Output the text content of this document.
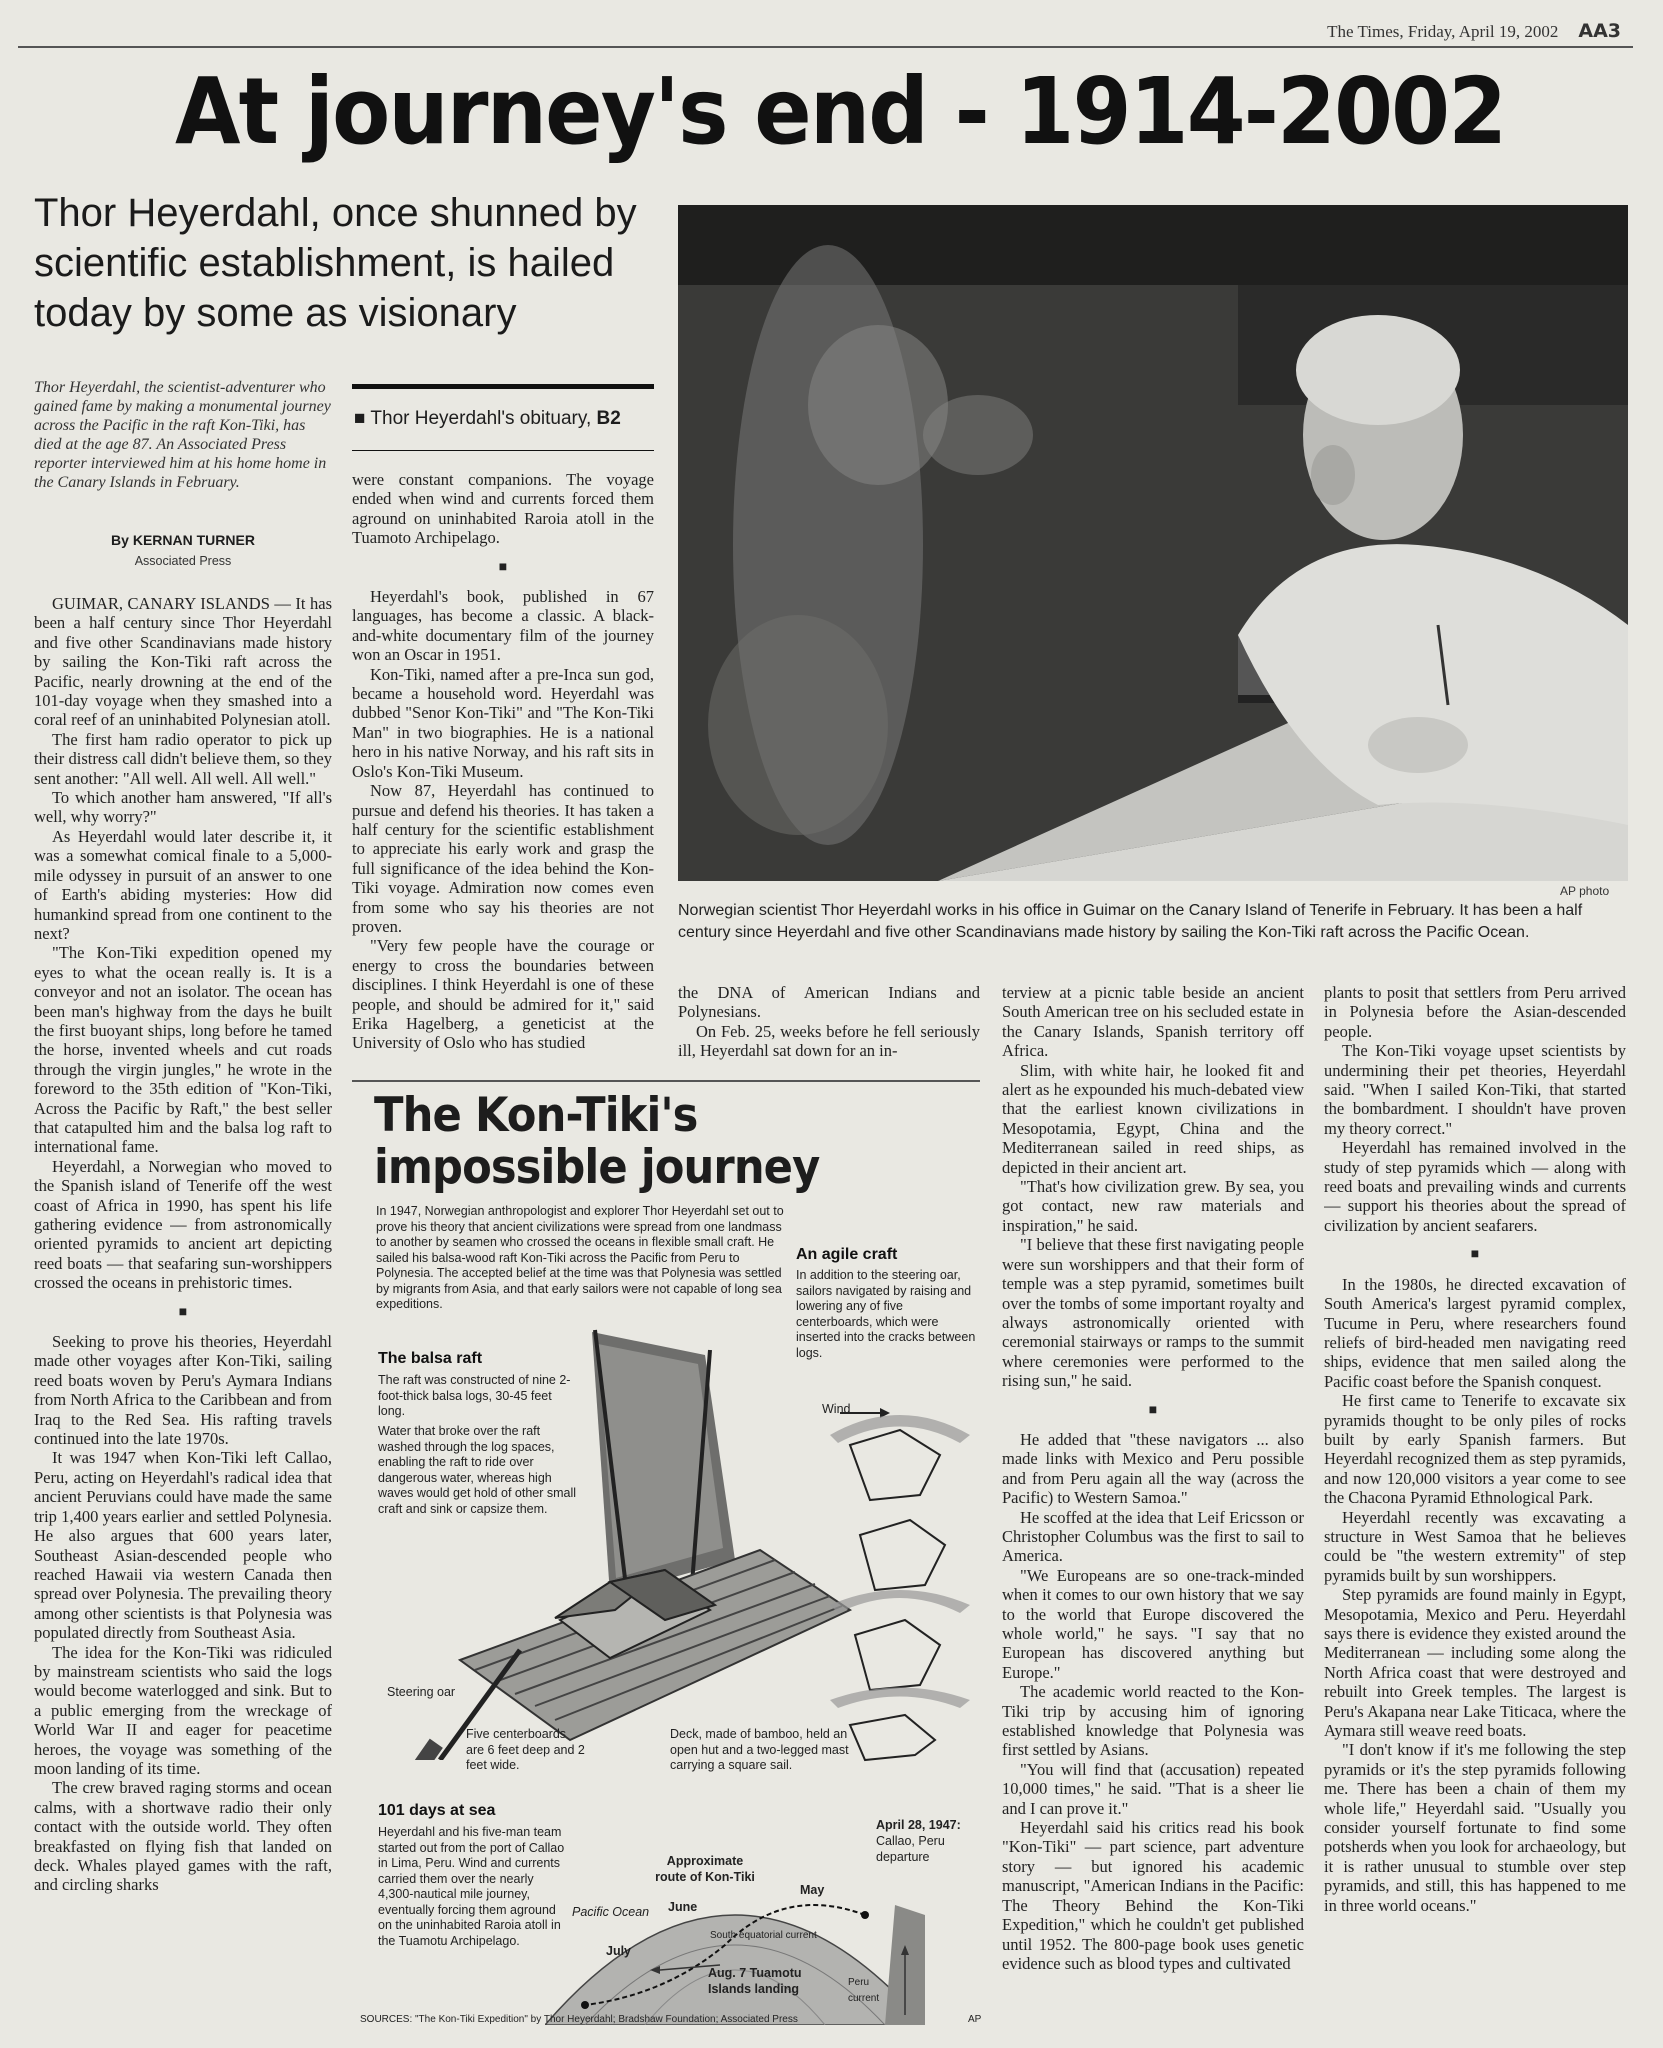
The Times, Friday, April 19, 2002 AA3
At journey's end - 1914-2002
Thor Heyerdahl, once shunned by scientific establishment, is hailed today by some as visionary
Thor Heyerdahl, the scientist-adventurer who gained fame by making a monumental journey across the Pacific in the raft Kon-Tiki, has died at the age 87. An Associated Press reporter interviewed him at his home home in the Canary Islands in February.
By KERNAN TURNER
Associated Press

GUIMAR, CANARY ISLANDS — It has been a half century since Thor Heyerdahl and five other Scandinavians made history by sailing the Kon-Tiki raft across the Pacific, nearly drowning at the end of the 101-day voyage when they smashed into a coral reef of an uninhabited Polynesian atoll.

The first ham radio operator to pick up their distress call didn't believe them, so they sent another: "All well. All well. All well."

To which another ham answered, "If all's well, why worry?"

As Heyerdahl would later describe it, it was a somewhat comical finale to a 5,000-mile odyssey in pursuit of an answer to one of Earth's abiding mysteries: How did humankind spread from one continent to the next?

"The Kon-Tiki expedition opened my eyes to what the ocean really is. It is a conveyor and not an isolator. The ocean has been man's highway from the days he built the first buoyant ships, long before he tamed the horse, invented wheels and cut roads through the virgin jungles," he wrote in the foreword to the 35th edition of "Kon-Tiki, Across the Pacific by Raft," the best seller that catapulted him and the balsa log raft to international fame.

Heyerdahl, a Norwegian who moved to the Spanish island of Tenerife off the west coast of Africa in 1990, has spent his life gathering evidence — from astronomically oriented pyramids to ancient art depicting reed boats — that seafaring sun-worshippers crossed the oceans in prehistoric times.

■

Seeking to prove his theories, Heyerdahl made other voyages after Kon-Tiki, sailing reed boats woven by Peru's Aymara Indians from North Africa to the Caribbean and from Iraq to the Red Sea. His rafting travels continued into the late 1970s.

It was 1947 when Kon-Tiki left Callao, Peru, acting on Heyerdahl's radical idea that ancient Peruvians could have made the same trip 1,400 years earlier and settled Polynesia. He also argues that 600 years later, Southeast Asian-descended people who reached Hawaii via western Canada then spread over Polynesia. The prevailing theory among other scientists is that Polynesia was populated directly from Southeast Asia.

The idea for the Kon-Tiki was ridiculed by mainstream scientists who said the logs would become waterlogged and sink. But to a public emerging from the wreckage of World War II and eager for peacetime heroes, the voyage was something of the moon landing of its time.

The crew braved raging storms and ocean calms, with a shortwave radio their only contact with the outside world. They often breakfasted on flying fish that landed on deck. Whales played games with the raft, and circling sharks

■ Thor Heyerdahl's obituary, B2

were constant companions. The voyage ended when wind and currents forced them aground on uninhabited Raroia atoll in the Tuamoto Archipelago.

■

Heyerdahl's book, published in 67 languages, has become a classic. A black-and-white documentary film of the journey won an Oscar in 1951.

Kon-Tiki, named after a pre-Inca sun god, became a household word. Heyerdahl was dubbed "Senor Kon-Tiki" and "The Kon-Tiki Man" in two biographies. He is a national hero in his native Norway, and his raft sits in Oslo's Kon-Tiki Museum.

Now 87, Heyerdahl has continued to pursue and defend his theories. It has taken a half century for the scientific establishment to appreciate his early work and grasp the full significance of the idea behind the Kon-Tiki voyage. Admiration now comes even from some who say his theories are not proven.

"Very few people have the courage or energy to cross the boundaries between disciplines. I think Heyerdahl is one of these people, and should be admired for it," said Erika Hagelberg, a geneticist at the University of Oslo who has studied

AP photo
Norwegian scientist Thor Heyerdahl works in his office in Guimar on the Canary Island of Tenerife in February. It has been a half century since Heyerdahl and five other Scandinavians made history by sailing the Kon-Tiki raft across the Pacific Ocean.

the DNA of American Indians and Polynesians.

On Feb. 25, weeks before he fell seriously ill, Heyerdahl sat down for an in-

terview at a picnic table beside an ancient South American tree on his secluded estate in the Canary Islands, Spanish territory off Africa.

Slim, with white hair, he looked fit and alert as he expounded his much-debated view that the earliest known civilizations in Mesopotamia, Egypt, China and the Mediterranean sailed in reed ships, as depicted in their ancient art.

"That's how civilization grew. By sea, you got contact, new raw materials and inspiration," he said.

"I believe that these first navigating people were sun worshippers and that their form of temple was a step pyramid, sometimes built over the tombs of some important royalty and always astronomically oriented with ceremonial stairways or ramps to the summit where ceremonies were performed to the rising sun," he said.

■

He added that "these navigators ... also made links with Mexico and Peru possible and from Peru again all the way (across the Pacific) to Western Samoa."

He scoffed at the idea that Leif Ericsson or Christopher Columbus was the first to sail to America.

"We Europeans are so one-track-minded when it comes to our own history that we say to the world that Europe discovered the whole world," he says. "I say that no European has discovered anything but Europe."

The academic world reacted to the Kon-Tiki trip by accusing him of ignoring established knowledge that Polynesia was first settled by Asians.

"You will find that (accusation) repeated 10,000 times," he said. "That is a sheer lie and I can prove it."

Heyerdahl said his critics read his book "Kon-Tiki" — part science, part adventure story — but ignored his academic manuscript, "American Indians in the Pacific: The Theory Behind the Kon-Tiki Expedition," which he couldn't get published until 1952. The 800-page book uses genetic evidence such as blood types and cultivated

plants to posit that settlers from Peru arrived in Polynesia before the Asian-descended people.

The Kon-Tiki voyage upset scientists by undermining their pet theories, Heyerdahl said. "When I sailed Kon-Tiki, that started the bombardment. I shouldn't have proven my theory correct."

Heyerdahl has remained involved in the study of step pyramids which — along with reed boats and prevailing winds and currents — support his theories about the spread of civilization by ancient seafarers.

■

In the 1980s, he directed excavation of South America's largest pyramid complex, Tucume in Peru, where researchers found reliefs of bird-headed men navigating reed ships, evidence that men sailed along the Pacific coast before the Spanish conquest.

He first came to Tenerife to excavate six pyramids thought to be only piles of rocks built by early Spanish farmers. But Heyerdahl recognized them as step pyramids, and now 120,000 visitors a year come to see the Chacona Pyramid Ethnological Park.

Heyerdahl recently was excavating a structure in West Samoa that he believes could be "the western extremity" of step pyramids built by sun worshippers.

Step pyramids are found mainly in Egypt, Mesopotamia, Mexico and Peru. Heyerdahl says there is evidence they existed around the Mediterranean — including some along the North Africa coast that were destroyed and rebuilt into Greek temples. The largest is Peru's Akapana near Lake Titicaca, where the Aymara still weave reed boats.

"I don't know if it's me following the step pyramids or it's the step pyramids following me. There has been a chain of them my whole life," Heyerdahl said. "Usually you consider yourself fortunate to find some potsherds when you look for archaeology, but it is rather unusual to stumble over step pyramids, and still, this has happened to me in three world oceans."

The Kon-Tiki's
impossible journey
In 1947, Norwegian anthropologist and explorer Thor Heyerdahl set out to prove his theory that ancient civilizations were spread from one landmass to another by seamen who crossed the oceans in flexible small craft. He sailed his balsa-wood raft Kon-Tiki across the Pacific from Peru to Polynesia. The accepted belief at the time was that Polynesia was settled by migrants from Asia, and that early sailors were not capable of long sea expeditions.
An agile craft
In addition to the steering oar, sailors navigated by raising and lowering any of five centerboards, which were inserted into the cracks between logs.
The balsa raft
The raft was constructed of nine 2-foot-thick balsa logs, 30-45 feet long.
Water that broke over the raft washed through the log spaces, enabling the raft to ride over dangerous water, whereas high waves would get hold of other small craft and sink or capsize them.
Wind
Steering oar
Five centerboards are 6 feet deep and 2 feet wide.
Deck, made of bamboo, held an open hut and a two-legged mast carrying a square sail.
101 days at sea
Heyerdahl and his five-man team started out from the port of Callao in Lima, Peru. Wind and currents carried them over the nearly 4,300-nautical mile journey, eventually forcing them aground on the uninhabited Raroia atoll in the Tuamotu Archipelago.
April 28, 1947:
Callao, Peru departure
Approximate route of Kon-Tiki
May
June
July
Pacific Ocean
South equatorial current
Aug. 7 Tuamotu Islands landing	Peru current
SOURCES: "The Kon-Tiki Expedition" by Thor Heyerdahl; Bradshaw Foundation; Associated Press	AP
